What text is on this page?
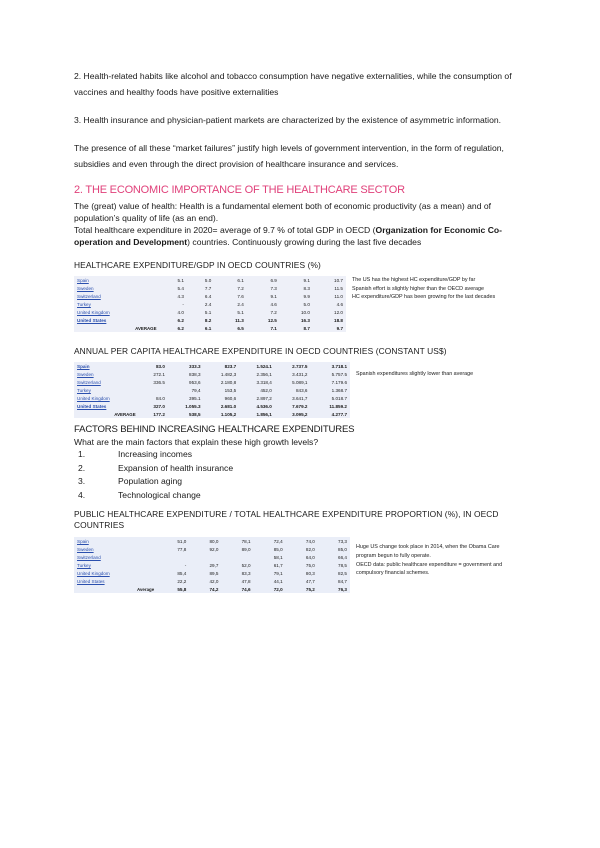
2. Health-related habits like alcohol and tobacco consumption have negative externalities, while the consumption of vaccines and healthy foods have positive externalities

3. Health insurance and physician-patient markets are characterized by the existence of asymmetric information.

The presence of all these “market failures” justify high levels of government intervention, in the form of regulation, subsidies and even through the direct provision of healthcare insurance and services.

2. THE ECONOMIC IMPORTANCE OF THE HEALTHCARE SECTOR

The (great) value of health: Health is a fundamental element both of economic productivity (as a mean) and of population’s quality of life (as an end).

Total healthcare expenditure in 2020= average of 9.7 % of total GDP in OECD (Organization for Economic Co-operation and Development) countries. Continuously growing during the last five decades

HEALTHCARE EXPENDITURE/GDP IN OECD COUNTRIES (%)
Spain	5.1	5.0	6.1	6.9	9.1	10.7
Sweden	5.4	7.7	7.2	7.3	8.3	11.5
Switzerland	4.3	6.4	7.6	9.1	9.9	11.0
Turkey	-	2.4	2.4	4.6	5.0	4.6
United Kingdom	4.0	5.1	5.1	7.2	10.0	12.0
United States	6.2	8.2	11.3	12.5	16.3	18.8
AVERAGE	6.2	6.1	6.5	7.1	8.7	9.7
The US has the highest HC expenditure/GDP by far
Spanish effort is slightly higher than the OECD average
HC expenditure/GDP has been growing for the last decades
ANNUAL PER CAPITA HEALTHCARE EXPENDITURE IN OECD COUNTRIES (CONSTANT US$)
Spain	83.0	333.3	823.7	1.524.1	2.737.5	3.718.1
Sweden	272.1	838,3	1.482,3	2.356,1	3.431,2	5.757.5
Switzerland	336.5	953,6	2.180,8	3.318,4	5.089,1	7.179.6
Turkey		79,4	153,5	452,0	843,6	1.368.7
United Kingdom	84.0	395.1	960,6	2.897,2	3.641,7	5.018.7
United States	327.0	1.055.3	2.681.0	4.536.0	7.679.2	11.859.2
AVERAGE	177.2	538,5	1.105,2	1.856,1	3.095,2	4.277.7
Spanish expenditures slightly lower than average
FACTORS BEHIND INCREASING HEALTHCARE EXPENDITURES

What are the main factors that explain these high growth levels?

1.	Increasing incomes
2.	Expansion of health insurance
3.	Population aging
4.	Technological change
PUBLIC HEALTHCARE EXPENDITURE / TOTAL HEALTHCARE EXPENDITURE PROPORTION (%), IN OECD COUNTRIES
Spain	51,0	80,0	78,1	72,4	74,0	73,3
Sweden	77,8	92,0	89,0	85,0	82,0	85,0
Switzerland				58,1	64,0	66,4
Turkey	-	29,7	52,0	61,7	75,0	78,5
United Kingdom	85,4	89,5	83,3	79,1	80,3	82,5
United States	22,2	42,0	47,8	44,1	47,7	84,7
Average	55,8	74,2	74,6	72,0	75,2	76,3
Huge US change took place in 2014, when the Obama Care program begun to fully operate.
OECD data: public healthcare expenditure = government and compulsory financial schemes.
